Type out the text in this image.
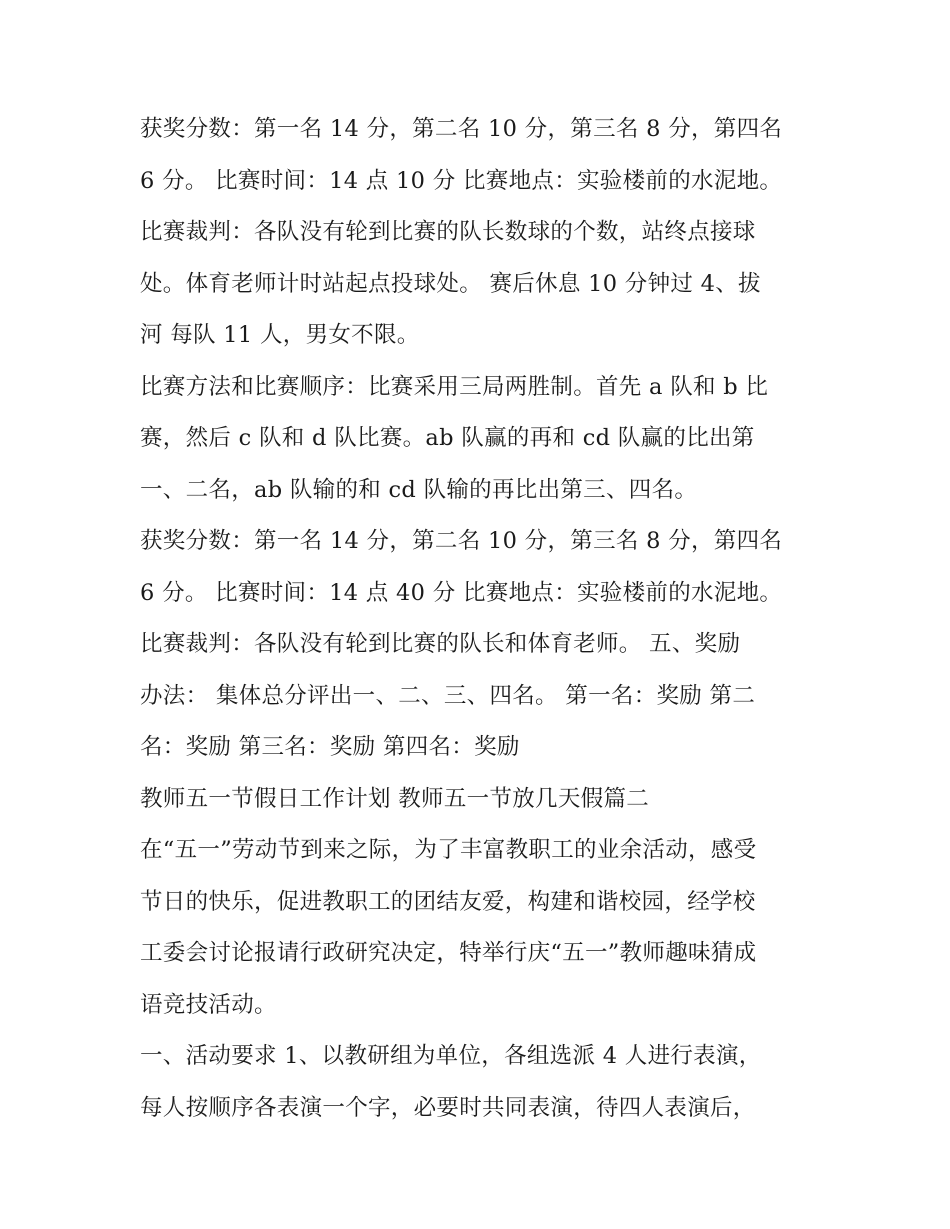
获奖分数：第一名 14 分，第二名 10 分，第三名 8 分，第四名
6 分。 比赛时间：14 点 10 分 比赛地点：实验楼前的水泥地。
比赛裁判：各队没有轮到比赛的队长数球的个数，站终点接球
处。体育老师计时站起点投球处。 赛后休息 10 分钟过 4、拔
河 每队 11 人，男女不限。
比赛方法和比赛顺序：比赛采用三局两胜制。首先 a 队和 b 比
赛，然后 c 队和 d 队比赛。ab 队赢的再和 cd 队赢的比出第
一、二名，ab 队输的和 cd 队输的再比出第三、四名。
获奖分数：第一名 14 分，第二名 10 分，第三名 8 分，第四名
6 分。 比赛时间：14 点 40 分 比赛地点：实验楼前的水泥地。
比赛裁判：各队没有轮到比赛的队长和体育老师。 五、奖励
办法： 集体总分评出一、二、三、四名。 第一名：奖励 第二
名：奖励 第三名：奖励 第四名：奖励
教师五一节假日工作计划 教师五一节放几天假篇二
在“五一”劳动节到来之际，为了丰富教职工的业余活动，感受
节日的快乐，促进教职工的团结友爱，构建和谐校园，经学校
工委会讨论报请行政研究决定，特举行庆“五一”教师趣味猜成
语竞技活动。
一、活动要求 1、以教研组为单位，各组选派 4 人进行表演，
每人按顺序各表演一个字，必要时共同表演，待四人表演后，
